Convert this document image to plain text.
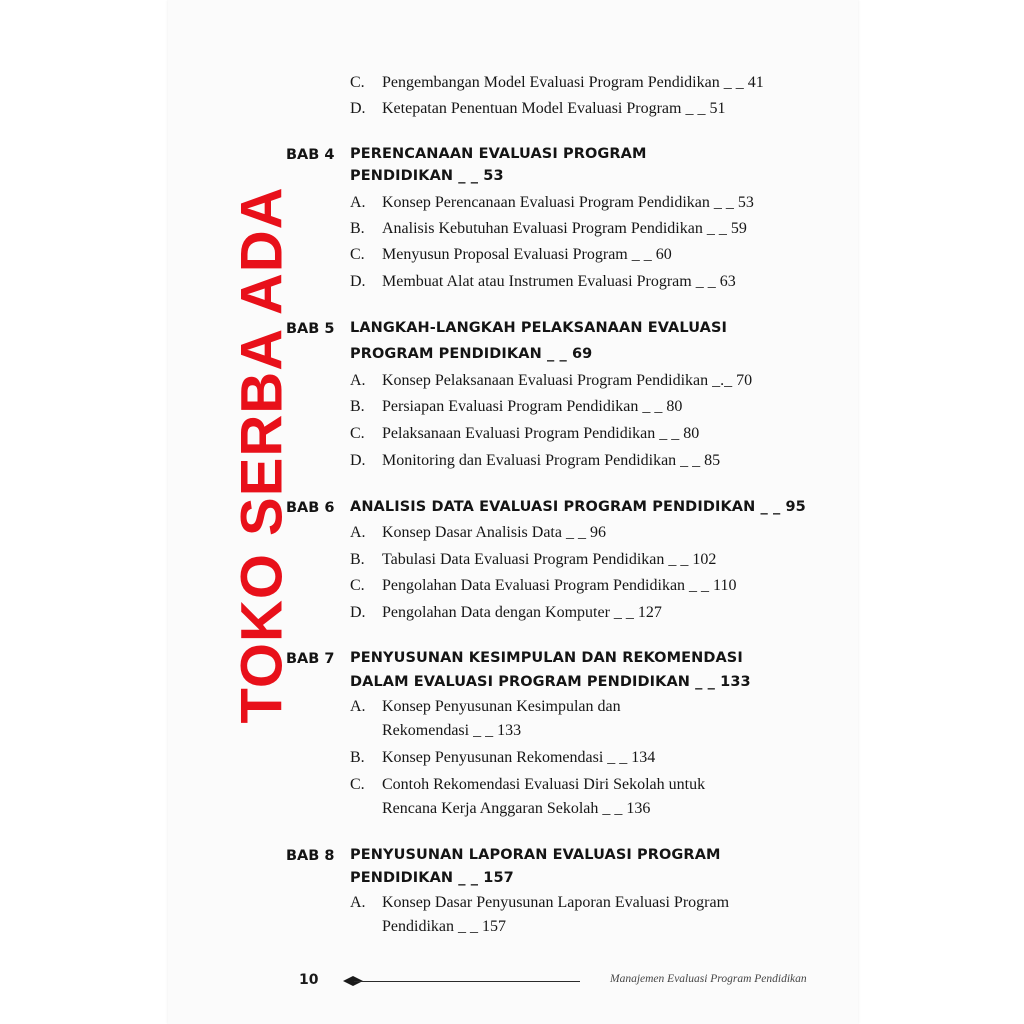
C. Pengembangan Model Evaluasi Program Pendidikan _ _ 41
D. Ketepatan Penentuan Model Evaluasi Program _ _ 51
BAB 4 PERENCANAAN EVALUASI PROGRAM
PENDIDIKAN _ _ 53
A. Konsep Perencanaan Evaluasi Program Pendidikan _ _ 53
B. Analisis Kebutuhan Evaluasi Program Pendidikan _ _ 59
C. Menyusun Proposal Evaluasi Program _ _ 60
D. Membuat Alat atau Instrumen Evaluasi Program _ _ 63
BAB 5 LANGKAH-LANGKAH PELAKSANAAN EVALUASI
PROGRAM PENDIDIKAN _ _ 69
A. Konsep Pelaksanaan Evaluasi Program Pendidikan _._ 70
B. Persiapan Evaluasi Program Pendidikan _ _ 80
C. Pelaksanaan Evaluasi Program Pendidikan _ _ 80
D. Monitoring dan Evaluasi Program Pendidikan _ _ 85
BAB 6 ANALISIS DATA EVALUASI PROGRAM PENDIDIKAN _ _ 95
A. Konsep Dasar Analisis Data _ _ 96
B. Tabulasi Data Evaluasi Program Pendidikan _ _ 102
C. Pengolahan Data Evaluasi Program Pendidikan _ _ 110
D. Pengolahan Data dengan Komputer _ _ 127
BAB 7 PENYUSUNAN KESIMPULAN DAN REKOMENDASI
DALAM EVALUASI PROGRAM PENDIDIKAN _ _ 133
A. Konsep Penyusunan Kesimpulan dan
Rekomendasi _ _ 133
B. Konsep Penyusunan Rekomendasi _ _ 134
C. Contoh Rekomendasi Evaluasi Diri Sekolah untuk
Rencana Kerja Anggaran Sekolah _ _ 136
BAB 8 PENYUSUNAN LAPORAN EVALUASI PROGRAM
PENDIDIKAN _ _ 157
A. Konsep Dasar Penyusunan Laporan Evaluasi Program
Pendidikan _ _ 157
TOKO SERBA ADA
10	Manajemen Evaluasi Program Pendidikan
